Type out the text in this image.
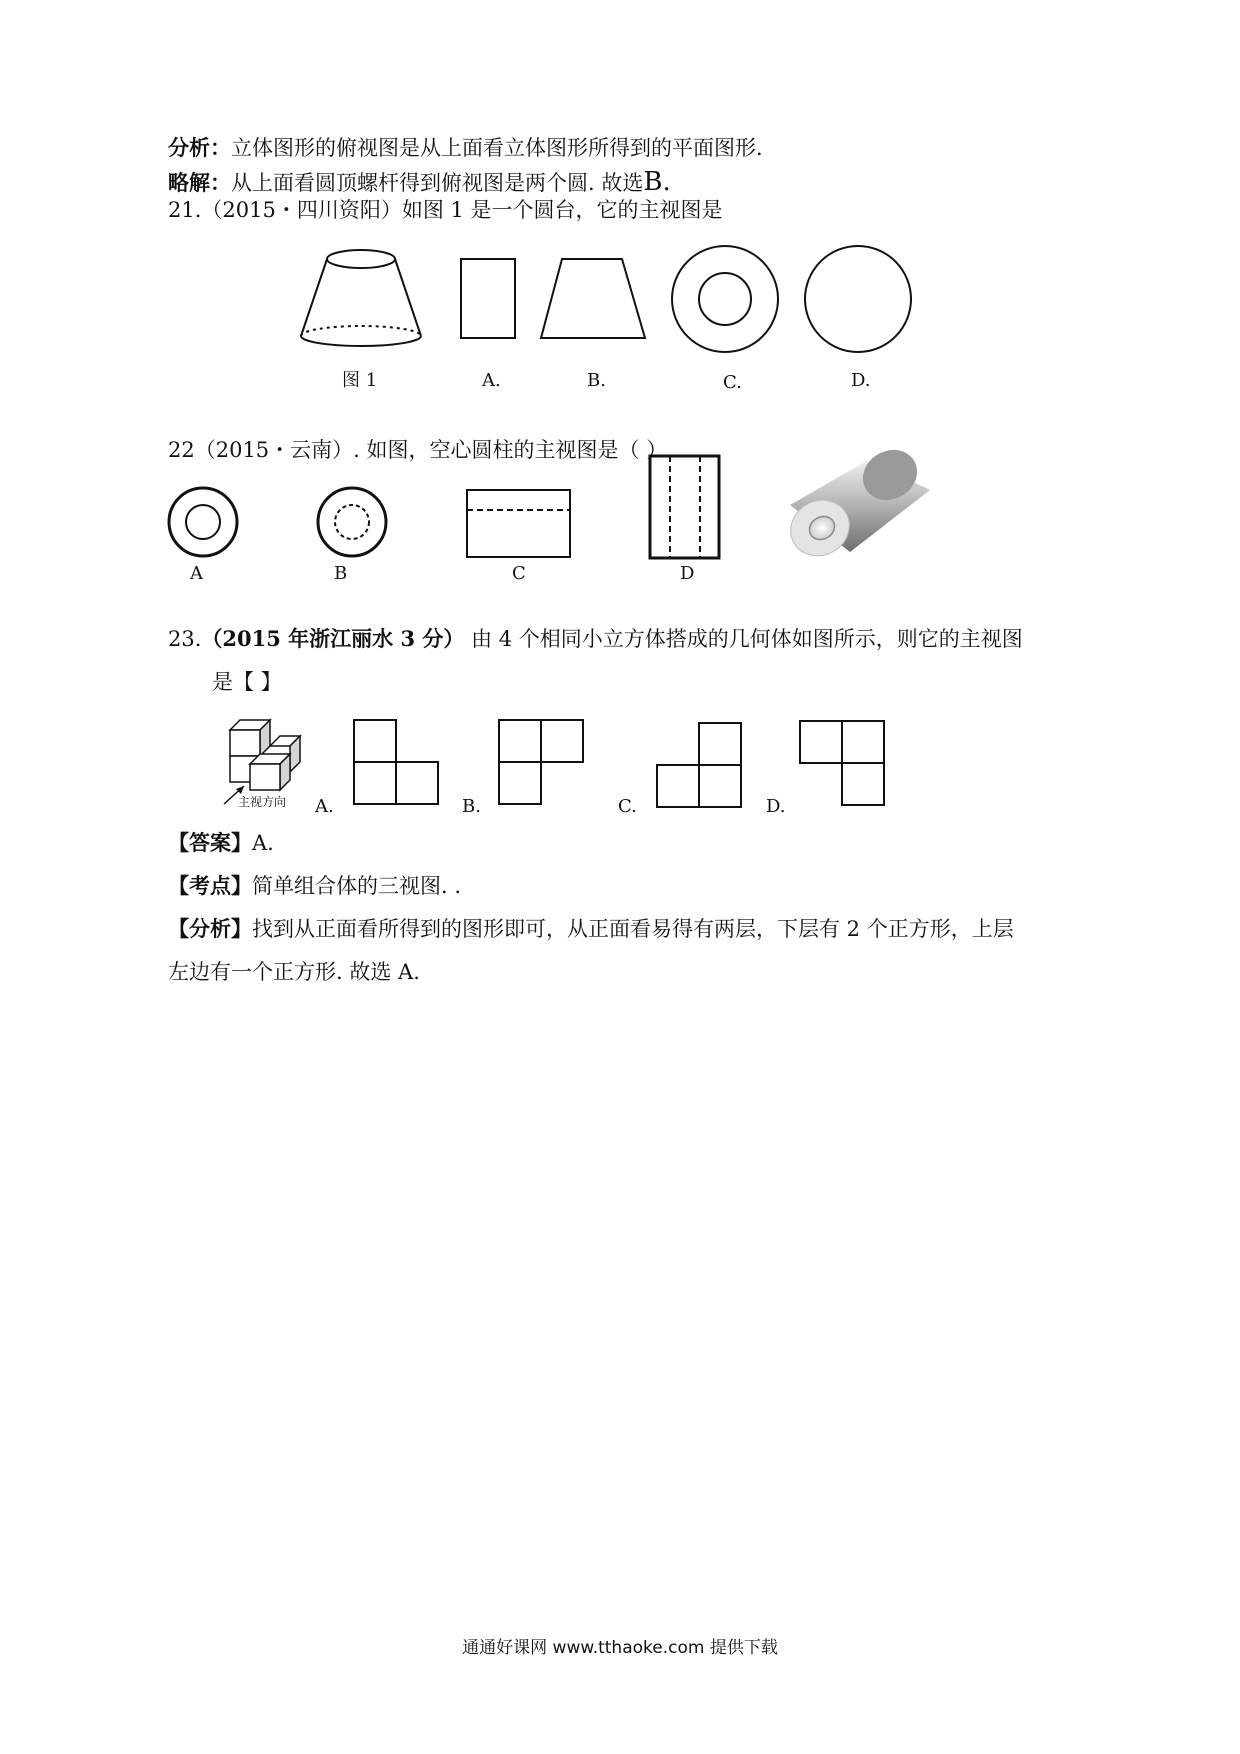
分析：立体图形的俯视图是从上面看立体图形所得到的平面图形.
略解：从上面看圆顶螺杆得到俯视图是两个圆. 故选B.
21.（2015・四川资阳）如图 1 是一个圆台，它的主视图是
图 1	A.	B.	C.	D.
22（2015・云南）. 如图，空心圆柱的主视图是（ ）
A	B	C	D
23.（2015 年浙江丽水 3 分） 由 4 个相同小立方体搭成的几何体如图所示，则它的主视图
是【 】
主视方向 A.	B.	C.	D.
【答案】A.
【考点】简单组合体的三视图. .
【分析】找到从正面看所得到的图形即可，从正面看易得有两层，下层有 2 个正方形，上层
左边有一个正方形. 故选 A.
通通好课网 www.tthaoke.com 提供下载
